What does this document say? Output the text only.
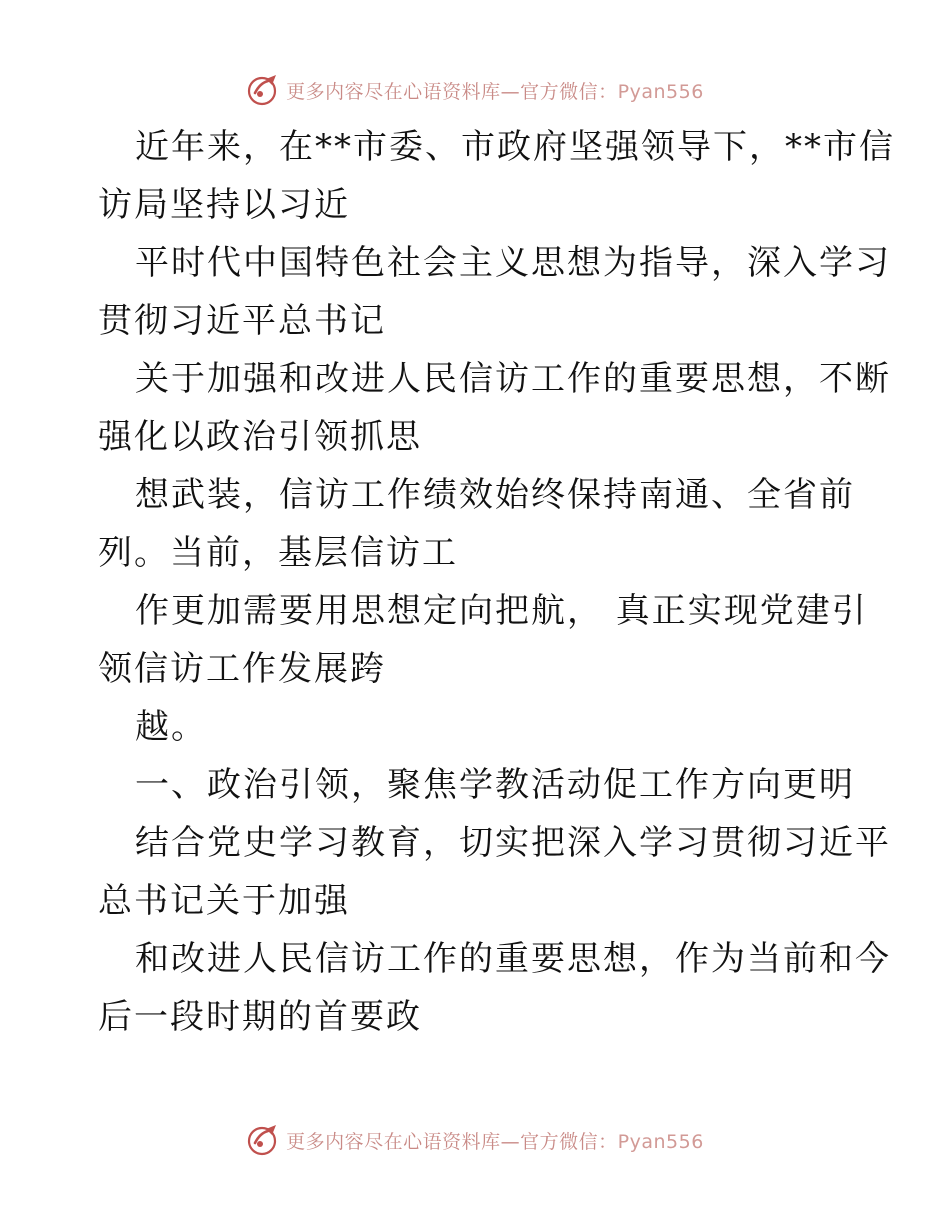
更多内容尽在心语资料库—官方微信：Pyan556

近年来，在**市委、市政府坚强领导下，**市信

访局坚持以习近

平时代中国特色社会主义思想为指导，深入学习

贯彻习近平总书记

关于加强和改进人民信访工作的重要思想，不断

强化以政治引领抓思

想武装，信访工作绩效始终保持南通、全省前

列。当前，基层信访工

作更加需要用思想定向把航， 真正实现党建引

领信访工作发展跨

越。

一、政治引领，聚焦学教活动促工作方向更明

结合党史学习教育，切实把深入学习贯彻习近平

总书记关于加强

和改进人民信访工作的重要思想，作为当前和今

后一段时期的首要政

更多内容尽在心语资料库—官方微信：Pyan556
